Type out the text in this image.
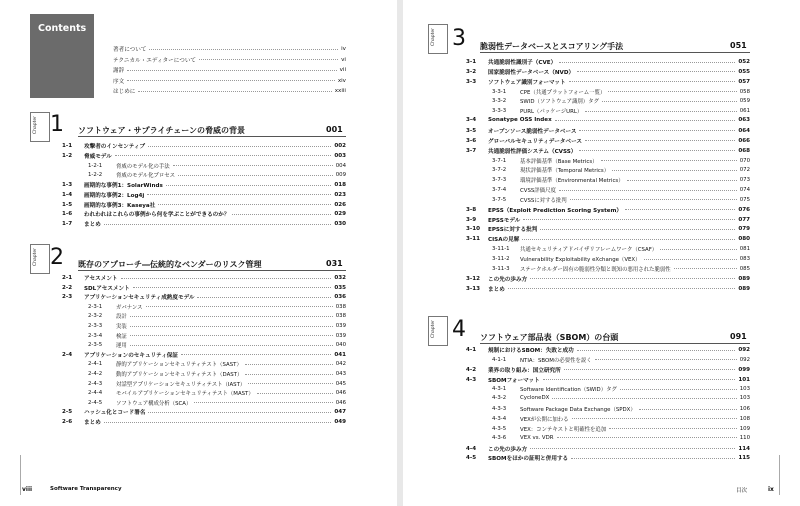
Contents
著者について	iv
テクニカル・エディターについて	vi
謝辞	vii
序文	xiv
はじめに	xxiii
Chapter 1 ソフトウェア・サプライチェーンの脅威の背景	001
1-1	攻撃者のインセンティブ	002
1-2	脅威モデル	003
1-2-1	脅威のモデル化の手法	004
1-2-2	脅威のモデル化プロセス	009
1-3	画期的な事例1：SolarWinds	018
1-4	画期的な事例2：Log4j	023
1-5	画期的な事例3：Kaseya社	026
1-6	われわれはこれらの事例から何を学ぶことができるのか？	029
1-7	まとめ	030
Chapter 2 既存のアプローチ―伝統的なベンダーのリスク管理	031
2-1	アセスメント	032
2-2	SDLアセスメント	035
2-3	アプリケーションセキュリティ成熟度モデル	036
2-3-1	ガバナンス	038
2-3-2	設計	038
2-3-3	実装	039
2-3-4	検証	039
2-3-5	運用	040
2-4	アプリケーションのセキュリティ保証	041
2-4-1	静的アプリケーションセキュリティテスト（SAST）	042
2-4-2	動的アプリケーションセキュリティテスト（DAST）	043
2-4-3	対話型アプリケーションセキュリティテスト（IAST）	045
2-4-4	モバイルアプリケーションセキュリティテスト（MAST）	046
2-4-5	ソフトウェア構成分析（SCA）	046
2-5	ハッシュ化とコード署名	047
2-6	まとめ	049
Chapter 3 脆弱性データベースとスコアリング手法	051
3-1	共通脆弱性識別子（CVE）	052
3-2	国家脆弱性データベース（NVD）	055
3-3	ソフトウェア識別フォーマット	057
3-3-1	CPE（共通プラットフォーム一覧）	058
3-3-2	SWID（ソフトウェア識別）タグ	059
3-3-3	PURL（パッケージURL）	061
3-4	Sonatype OSS Index	063
3-5	オープンソース脆弱性データベース	064
3-6	グローバルセキュリティデータベース	066
3-7	共通脆弱性評価システム（CVSS）	068
3-7-1	基本評価基準（Base Metrics）	070
3-7-2	現状評価基準（Temporal Metrics）	072
3-7-3	環境評価基準（Environmental Metrics）	073
3-7-4	CVSS評価尺度	074
3-7-5	CVSSに対する批判	075
3-8	EPSS（Exploit Prediction Scoring System）	076
3-9	EPSSモデル	077
3-10	EPSSに対する批判	079
3-11	CISAの見解	080
3-11-1	共通セキュリティアドバイザリフレームワーク（CSAF）	081
3-11-2	Vulnerability Exploitability eXchange（VEX）	083
3-11-3	ステークホルダー固有の脆弱性分類と既知の悪用された脆弱性	085
3-12	この先の歩み方	089
3-13	まとめ	089
Chapter 4 ソフトウェア部品表（SBOM）の台頭	091
4-1	規制におけるSBOM：失敗と成功	092
4-1-1	NTIA：SBOMの必要性を説く	092
4-2	業界の取り組み：国立研究所	099
4-3	SBOMフォーマット	101
4-3-1	Software Identification（SWID）タグ	103
4-3-2	CycloneDX	103
4-3-3	Software Package Data Exchange（SPDX）	106
4-3-4	VEXが公開に加わる	108
4-3-5	VEX：コンテキストと明確性を追加	109
4-3-6	VEX vs. VDR	110
4-4	この先の歩み方	114
4-5	SBOMをほかの証明と併用する	115
viii	Software Transparency	目次	ix
